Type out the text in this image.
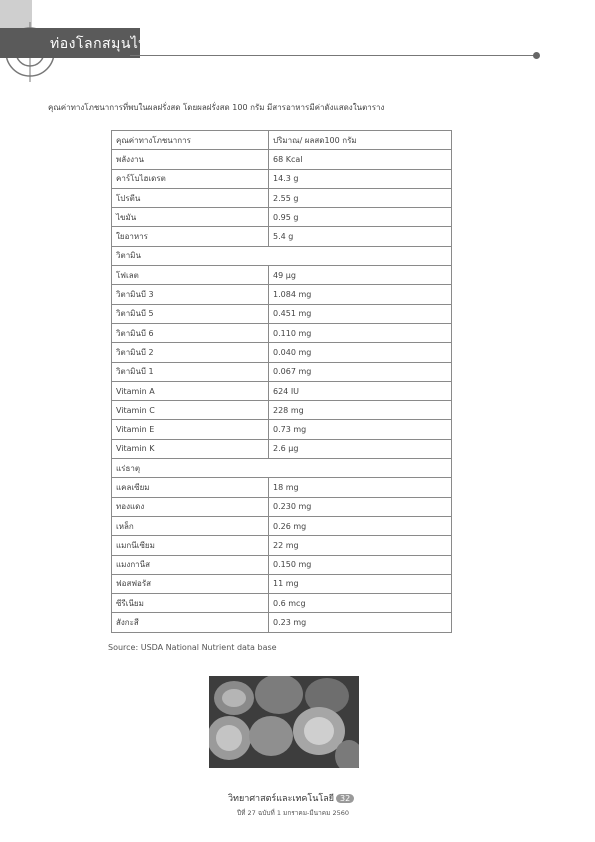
ท่องโลกสมุนไพร
คุณค่าทางโภชนาการที่พบในผลฝรั่งสด โดยผลฝรั่งสด 100 กรัม มีสารอาหารมีค่าดังแสดงในตาราง
คุณค่าทางโภชนาการ	ปริมาณ/ ผลสด100 กรัม
พลังงาน	68 Kcal
คาร์โบไฮเดรต	14.3 g
โปรตีน	2.55 g
ไขมัน	0.95 g
ใยอาหาร	5.4 g
วิตามิน	
โฟเลต	49 µg
วิตามินบี 3	1.084 mg
วิตามินบี 5	0.451 mg
วิตามินบี 6	0.110 mg
วิตามินบี 2	0.040 mg
วิตามินบี 1	0.067 mg
Vitamin A	624 IU
Vitamin C	228 mg
Vitamin E	0.73 mg
Vitamin K	2.6 µg
แร่ธาตุ	
แคลเซียม	18 mg
ทองแดง	0.230 mg
เหล็ก	0.26 mg
แมกนีเซียม	22 mg
แมงกานีส	0.150 mg
ฟอสฟอรัส	11 mg
ซีรีเนียม	0.6 mcg
สังกะสี	0.23 mg
Source: USDA National Nutrient data base
วิทยาศาสตร์และเทคโนโลยี 32
ปีที่ 27 ฉบับที่ 1 มกราคม-มีนาคม 2560
